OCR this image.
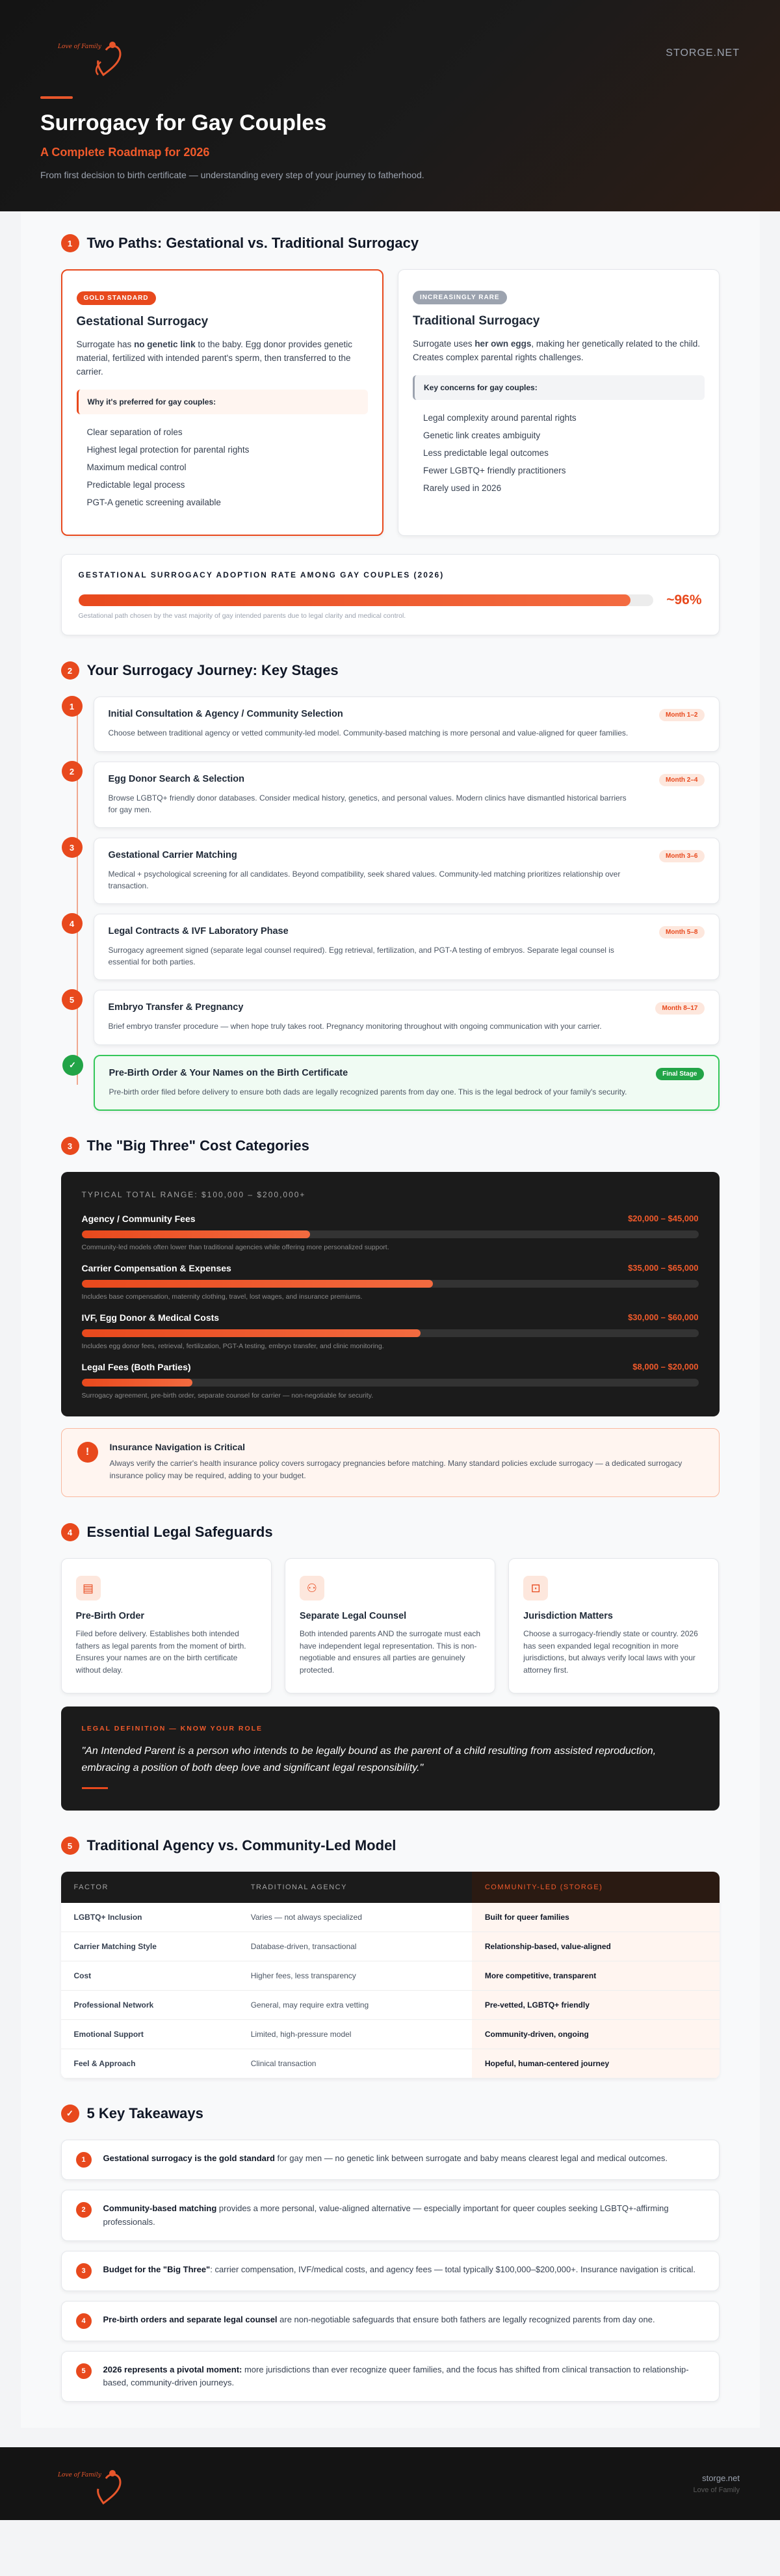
Love of Family
STORGE.NET
Surrogacy for Gay Couples
A Complete Roadmap for 2026
From first decision to birth certificate — understanding every step of your journey to fatherhood.
1	Two Paths: Gestational vs. Traditional Surrogacy
GOLD STANDARD
Gestational Surrogacy

Surrogate has no genetic link to the baby. Egg donor provides genetic material, fertilized with intended parent's sperm, then transferred to the carrier.

Why it's preferred for gay couples:
Clear separation of roles
Highest legal protection for parental rights
Maximum medical control
Predictable legal process
PGT-A genetic screening available
INCREASINGLY RARE
Traditional Surrogacy

Surrogate uses her own eggs, making her genetically related to the child. Creates complex parental rights challenges.

Key concerns for gay couples:
Legal complexity around parental rights
Genetic link creates ambiguity
Less predictable legal outcomes
Fewer LGBTQ+ friendly practitioners
Rarely used in 2026
GESTATIONAL SURROGACY ADOPTION RATE AMONG GAY COUPLES (2026)
~96%
Gestational path chosen by the vast majority of gay intended parents due to legal clarity and medical control.
2	Your Surrogacy Journey: Key Stages
1
Initial Consultation & Agency / Community Selection

Choose between traditional agency or vetted community-led model. Community-based matching is more personal and value-aligned for queer families.

Month 1–2
2
Egg Donor Search & Selection

Browse LGBTQ+ friendly donor databases. Consider medical history, genetics, and personal values. Modern clinics have dismantled historical barriers for gay men.

Month 2–4
3
Gestational Carrier Matching

Medical + psychological screening for all candidates. Beyond compatibility, seek shared values. Community-led matching prioritizes relationship over transaction.

Month 3–6
4
Legal Contracts & IVF Laboratory Phase

Surrogacy agreement signed (separate legal counsel required). Egg retrieval, fertilization, and PGT-A testing of embryos. Separate legal counsel is essential for both parties.

Month 5–8
5
Embryo Transfer & Pregnancy

Brief embryo transfer procedure — when hope truly takes root. Pregnancy monitoring throughout with ongoing communication with your carrier.

Month 8–17
✓
Pre-Birth Order & Your Names on the Birth Certificate

Pre-birth order filed before delivery to ensure both dads are legally recognized parents from day one. This is the legal bedrock of your family's security.

Final Stage
3	The "Big Three" Cost Categories
TYPICAL TOTAL RANGE: $100,000 – $200,000+
Agency / Community Fees	$20,000 – $45,000

Community-led models often lower than traditional agencies while offering more personalized support.

Carrier Compensation & Expenses	$35,000 – $65,000

Includes base compensation, maternity clothing, travel, lost wages, and insurance premiums.

IVF, Egg Donor & Medical Costs	$30,000 – $60,000

Includes egg donor fees, retrieval, fertilization, PGT-A testing, embryo transfer, and clinic monitoring.

Legal Fees (Both Parties)	$8,000 – $20,000

Surrogacy agreement, pre-birth order, separate counsel for carrier — non-negotiable for security.

!	Insurance Navigation is Critical

Always verify the carrier's health insurance policy covers surrogacy pregnancies before matching. Many standard policies exclude surrogacy — a dedicated surrogacy insurance policy may be required, adding to your budget.

4	Essential Legal Safeguards
▤
Pre-Birth Order

Filed before delivery. Establishes both intended fathers as legal parents from the moment of birth. Ensures your names are on the birth certificate without delay.

⚇
Separate Legal Counsel

Both intended parents AND the surrogate must each have independent legal representation. This is non-negotiable and ensures all parties are genuinely protected.

⊡
Jurisdiction Matters

Choose a surrogacy-friendly state or country. 2026 has seen expanded legal recognition in more jurisdictions, but always verify local laws with your attorney first.

LEGAL DEFINITION — KNOW YOUR ROLE

"An Intended Parent is a person who intends to be legally bound as the parent of a child resulting from assisted reproduction, embracing a position of both deep love and significant legal responsibility."

5	Traditional Agency vs. Community-Led Model
FACTOR	TRADITIONAL AGENCY	COMMUNITY-LED (STORGE)
LGBTQ+ Inclusion	Varies — not always specialized	Built for queer families
Carrier Matching Style	Database-driven, transactional	Relationship-based, value-aligned
Cost	Higher fees, less transparency	More competitive, transparent
Professional Network	General, may require extra vetting	Pre-vetted, LGBTQ+ friendly
Emotional Support	Limited, high-pressure model	Community-driven, ongoing
Feel & Approach	Clinical transaction	Hopeful, human-centered journey
✓ 5 Key Takeaways
1	Gestational surrogacy is the gold standard for gay men — no genetic link between surrogate and baby means clearest legal and medical outcomes.

2	Community-based matching provides a more personal, value-aligned alternative — especially important for queer couples seeking LGBTQ+-affirming professionals.

3	Budget for the "Big Three": carrier compensation, IVF/medical costs, and agency fees — total typically $100,000–$200,000+. Insurance navigation is critical.

4	Pre-birth orders and separate legal counsel are non-negotiable safeguards that ensure both fathers are legally recognized parents from day one.

5	2026 represents a pivotal moment: more jurisdictions than ever recognize queer families, and the focus has shifted from clinical transaction to relationship-based, community-driven journeys.

Love of Family	storge.net
Love of Family
